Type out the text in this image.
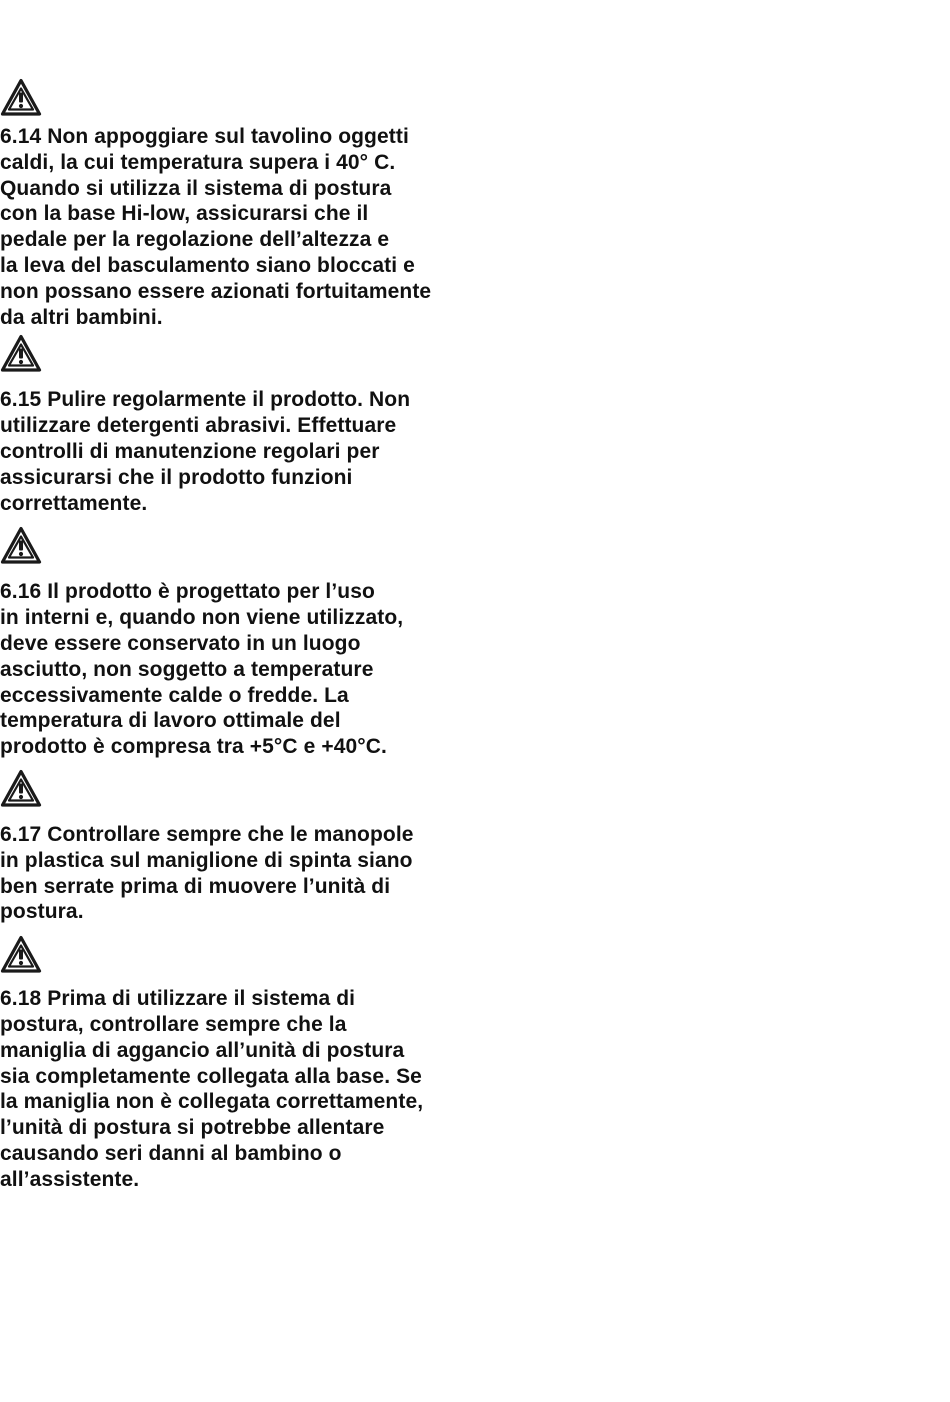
6.14 Non appoggiare sul tavolino oggetti
caldi, la cui temperatura supera i 40° C.
Quando si utilizza il sistema di postura
con la base Hi-low, assicurarsi che il
pedale per la regolazione dell’altezza e
la leva del basculamento siano bloccati e
non possano essere azionati fortuitamente
da altri bambini.

6.15 Pulire regolarmente il prodotto. Non
utilizzare detergenti abrasivi. Effettuare
controlli di manutenzione regolari per
assicurarsi che il prodotto funzioni
correttamente.

6.16 Il prodotto è progettato per l’uso
in interni e, quando non viene utilizzato,
deve essere conservato in un luogo
asciutto, non soggetto a temperature
eccessivamente calde o fredde. La
temperatura di lavoro ottimale del
prodotto è compresa tra +5°C e +40°C.

6.17 Controllare sempre che le manopole
in plastica sul maniglione di spinta siano
ben serrate prima di muovere l’unità di
postura.

6.18 Prima di utilizzare il sistema di
postura, controllare sempre che la
maniglia di aggancio all’unità di postura
sia completamente collegata alla base. Se
la maniglia non è collegata correttamente,
l’unità di postura si potrebbe allentare
causando seri danni al bambino o
all’assistente.
